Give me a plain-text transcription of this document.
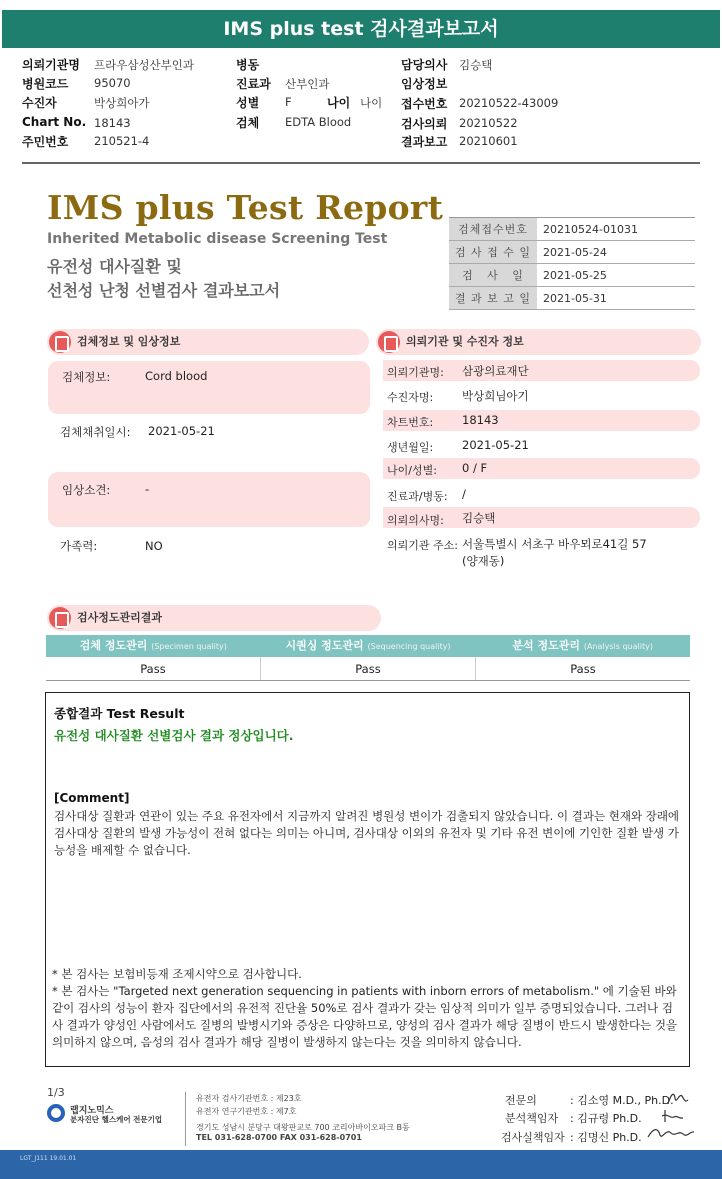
IMS plus test 검사결과보고서
의뢰기관명 프라우삼성산부인과
병원코드 95070
수진자	박상희아가
Chart No. 18143
주민번호 210521-4
병동
진료과 산부인과
성별 F	나이 나이
검체 EDTA Blood
담당의사 김승택
임상정보
접수번호 20210522-43009
검사의뢰 20210522
결과보고 20210601
IMS plus Test Report
Inherited Metabolic disease Screening Test
유전성 대사질환 및
선천성 난청 선별검사 결과보고서
검체접수번호	20210524-01031
검 사 접 수 일	2021-05-24
검   사   일	2021-05-25
결 과 보 고 일	2021-05-31
검체정보 및 임상정보
검체정보:	Cord blood
검체채취일시: 2021-05-21
임상소견:	-
가족력:	NO
의뢰기관 및 수진자 정보
의뢰기관명: 삼광의료재단
수진자명:	박상희님아기
차트번호:	18143
생년월일:	2021-05-21
나이/성별: 0 / F
진료과/병동: /
의뢰의사명: 김승택
의뢰기관 주소: 서울특별시 서초구 바우뫼로41길 57
(양재동)
검사정도관리결과
검체 정도관리 (Specimen quality)	시퀀싱 정도관리 (Sequencing quality)	분석 정도관리 (Analysis quality)
Pass	Pass	Pass
종합결과 Test Result
유전성 대사질환 선별검사 결과 정상입니다.
[Comment]
검사대상 질환과 연관이 있는 주요 유전자에서 지금까지 알려진 병원성 변이가 검출되지 않았습니다. 이 결과는 현재와 장래에 검사대상 질환의 발생 가능성이 전혀 없다는 의미는 아니며, 검사대상 이외의 유전자 및 기타 유전 변이에 기인한 질환 발생 가능성을 배제할 수 없습니다.
* 본 검사는 보험비등재 조제시약으로 검사합니다.
* 본 검사는 "Targeted next generation sequencing in patients with inborn errors of metabolism." 에 기술된 바와 같이 검사의 성능이 환자 집단에서의 유전적 진단율 50%로 검사 결과가 갖는 임상적 의미가 일부 증명되었습니다. 그러나 검사 결과가 양성인 사람에서도 질병의 발병시기와 증상은 다양하므로, 양성의 검사 결과가 해당 질병이 반드시 발생한다는 것을 의미하지 않으며, 음성의 검사 결과가 해당 질병이 발생하지 않는다는 것을 의미하지 않습니다.
1/3
랩지노믹스
분자진단 헬스케어 전문기업
유전자 검사기관번호 : 제23호
유전자 연구기관번호 : 제7호
경기도 성남시 분당구 대왕판교로 700 코리아바이오파크 B동
TEL 031-628-0700 FAX 031-628-0701
전문의	: 김소영 M.D., Ph.D.
분석책임자 : 김규령 Ph.D.
검사실책임자 : 김명신 Ph.D.
LGT_J111 19.01.01
